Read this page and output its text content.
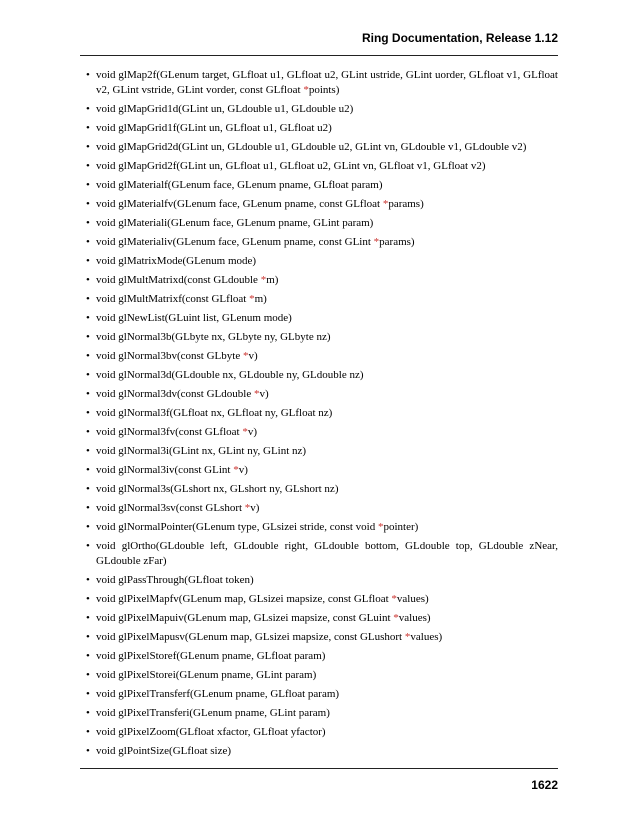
Ring Documentation, Release 1.12
• void glMap2f(GLenum target, GLfloat u1, GLfloat u2, GLint ustride, GLint uorder, GLfloat v1, GLfloat v2, GLint vstride, GLint vorder, const GLfloat *points)
• void glMapGrid1d(GLint un, GLdouble u1, GLdouble u2)
• void glMapGrid1f(GLint un, GLfloat u1, GLfloat u2)
• void glMapGrid2d(GLint un, GLdouble u1, GLdouble u2, GLint vn, GLdouble v1, GLdouble v2)
• void glMapGrid2f(GLint un, GLfloat u1, GLfloat u2, GLint vn, GLfloat v1, GLfloat v2)
• void glMaterialf(GLenum face, GLenum pname, GLfloat param)
• void glMaterialfv(GLenum face, GLenum pname, const GLfloat *params)
• void glMateriali(GLenum face, GLenum pname, GLint param)
• void glMaterialiv(GLenum face, GLenum pname, const GLint *params)
• void glMatrixMode(GLenum mode)
• void glMultMatrixd(const GLdouble *m)
• void glMultMatrixf(const GLfloat *m)
• void glNewList(GLuint list, GLenum mode)
• void glNormal3b(GLbyte nx, GLbyte ny, GLbyte nz)
• void glNormal3bv(const GLbyte *v)
• void glNormal3d(GLdouble nx, GLdouble ny, GLdouble nz)
• void glNormal3dv(const GLdouble *v)
• void glNormal3f(GLfloat nx, GLfloat ny, GLfloat nz)
• void glNormal3fv(const GLfloat *v)
• void glNormal3i(GLint nx, GLint ny, GLint nz)
• void glNormal3iv(const GLint *v)
• void glNormal3s(GLshort nx, GLshort ny, GLshort nz)
• void glNormal3sv(const GLshort *v)
• void glNormalPointer(GLenum type, GLsizei stride, const void *pointer)
• void glOrtho(GLdouble left, GLdouble right, GLdouble bottom, GLdouble top, GLdouble zNear, GLdouble zFar)
• void glPassThrough(GLfloat token)
• void glPixelMapfv(GLenum map, GLsizei mapsize, const GLfloat *values)
• void glPixelMapuiv(GLenum map, GLsizei mapsize, const GLuint *values)
• void glPixelMapusv(GLenum map, GLsizei mapsize, const GLushort *values)
• void glPixelStoref(GLenum pname, GLfloat param)
• void glPixelStorei(GLenum pname, GLint param)
• void glPixelTransferf(GLenum pname, GLfloat param)
• void glPixelTransferi(GLenum pname, GLint param)
• void glPixelZoom(GLfloat xfactor, GLfloat yfactor)
• void glPointSize(GLfloat size)
1622
